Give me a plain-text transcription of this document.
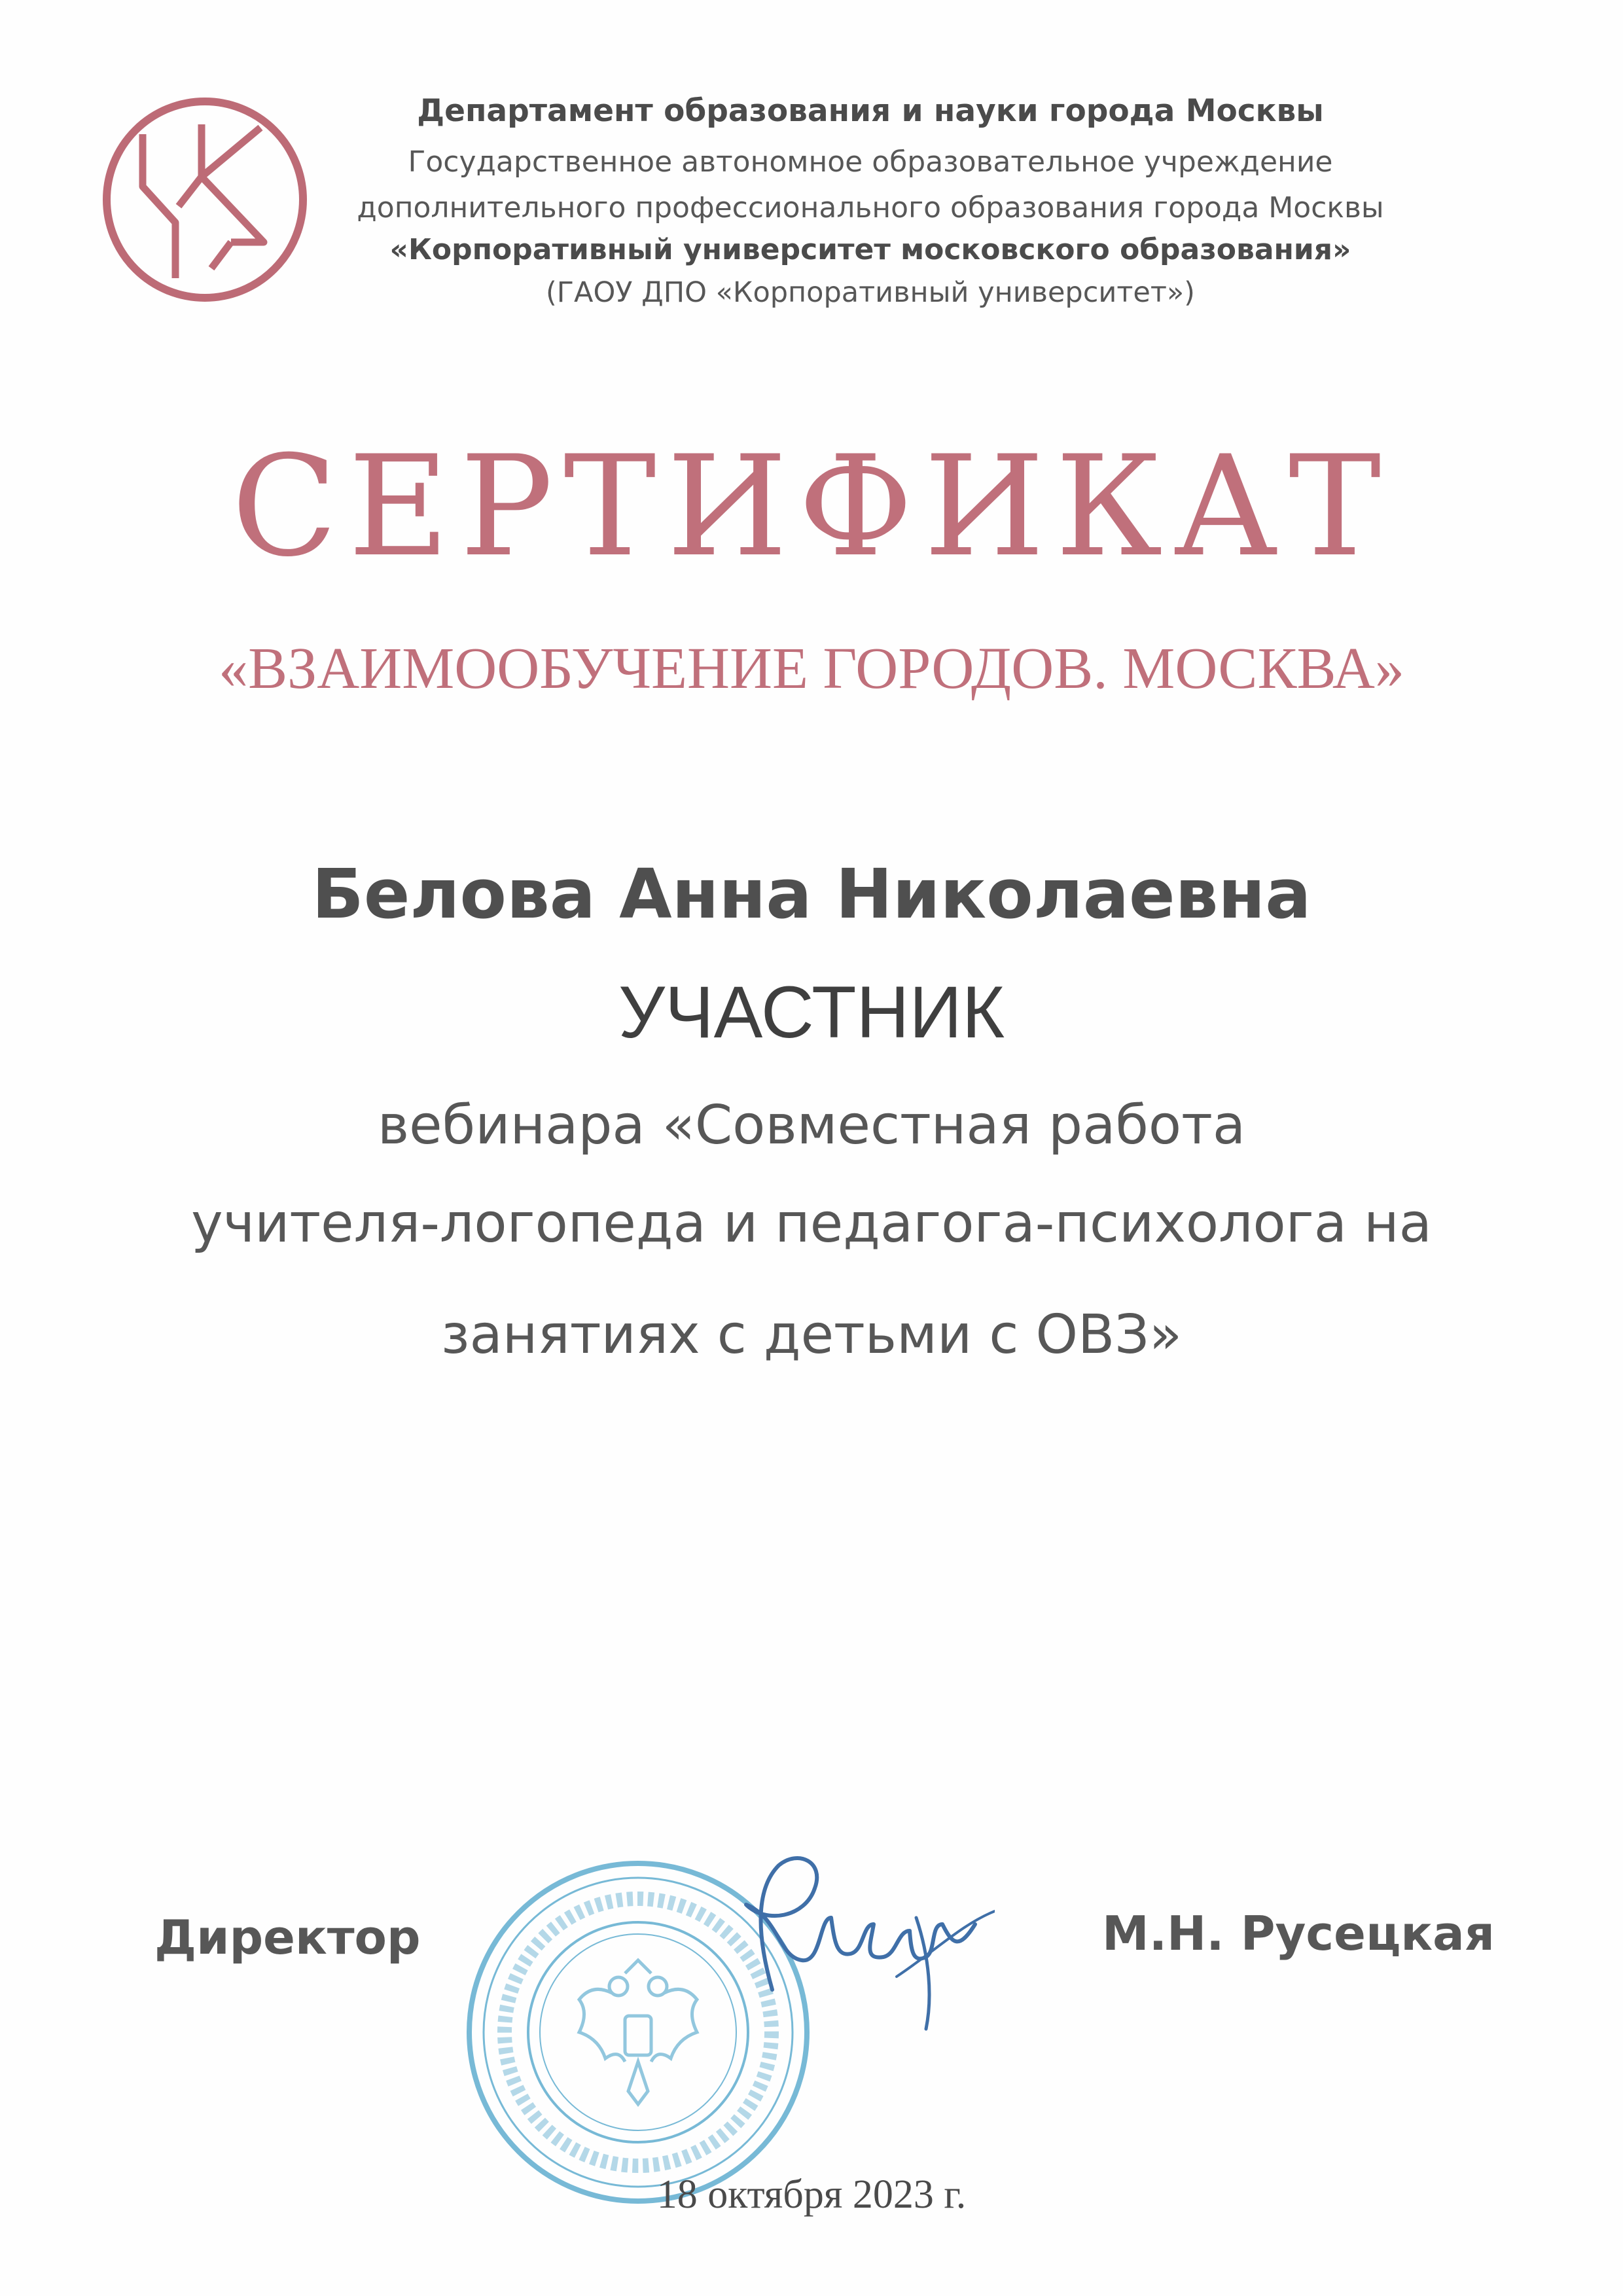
Департамент образования и науки города Москвы
Государственное автономное образовательное учреждение
дополнительного профессионального образования города Москвы
«Корпоративный университет московского образования»
(ГАОУ ДПО «Корпоративный университет»)
СЕРТИФИКАТ
«ВЗАИМООБУЧЕНИЕ ГОРОДОВ. МОСКВА»
Белова Анна Николаевна
УЧАСТНИК
вебинара «Совместная работа
учителя-логопеда и педагога-психолога на
занятиях с детьми с ОВЗ»
Директор	М.Н. Русецкая
18 октября 2023 г.
